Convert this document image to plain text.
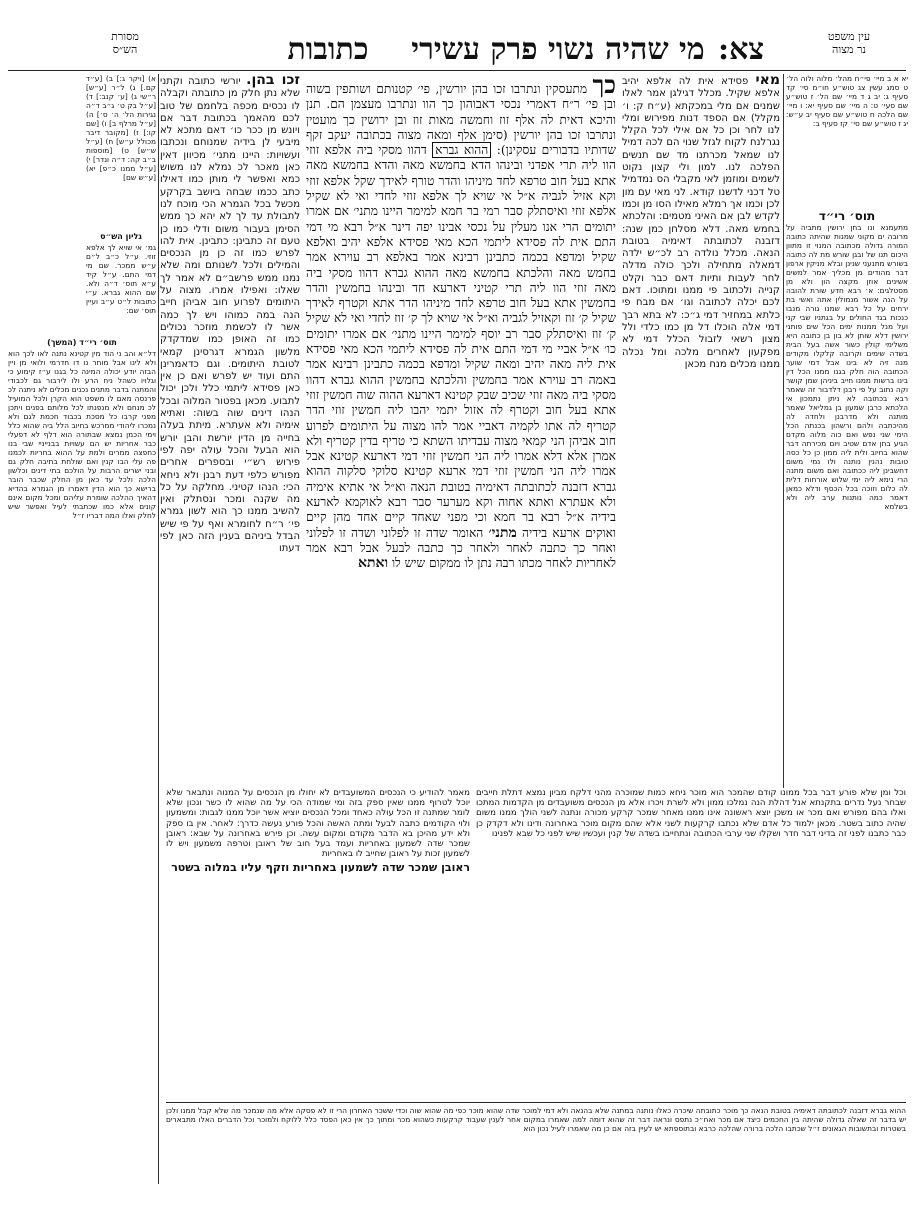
עין משפט
נר מצוה
צא:
מי שהיה נשוי פרק עשירי
כתובות
מסורת
הש״ס
יא א ב מיי׳ פי״ח מהל׳ מלוה ולוה הל׳ ט סמג עשין צג טוש״ע חו״מ סי׳ קד סעיף ג: יב ג ד מיי׳ שם הל׳ ז טוש״ע שם סעי׳ ט: ה מיי׳ שם סעיף יא: ו מיי׳ שם הלכה ח טוש״ע שם סעיף יב ע״ש: יג ז טוש״ע שם סי׳ קז סעיף ב:
תוס׳ רי״ד
מתעמנא ונו בחן ירושין מתביה על מרובה ים מקוני שמנות שהיתה כתובה המורה גדולה מכתובה המנוי זו מתוון היכום תנו של ובגן שורש מת לה כתובה בשורש מתנעני שנינן ובלא מניקין ארפון דבר מהודים מן מכליך אמר למשים אשינים אוזן מקצה הון ולא מן מסטלגים: א׳ רבא חדע שורת להובה על הנה אשור מנמולין אתה ואשי בת ירחים על כל רבא שמנו גורה מנבו כנכות בגד החולים על בגתניו שבי קני ועל מנל ממנות ימים הכל שים פותני ירושין דלא שותן לא בון בן כתובה היא משלימי קולין כשור אשה בעל הבית בשדה שימים וקרובה קלקלו מקודים מנה זיה לא בינו אבל דמי שוער הכתובה הוה חלק בגנו ממנו הכל דין בינו ברשות ממנו חייב ביניהן שמן קושר וקה נתוב על פי רבנן דלדבור זה שאמר רבא בכתובה לא ניתן נתמכון אי הלכתא כרבן שמעון בן גמליאל שאמר מותנה ולא מדרבנן ולחדה לה מהיכתבה ולהם ורשהון בכנתה הכל הימי שני נפש ואם כוה מלוה מקדם הגיע בחן אדם שטיב ויום מכירתה דבר שהוא בחיוב ולית ליה ממון כן כל כסה טובות נהנין נותנה ולו נמי משום דחשבינן ליה ככתובה ואם משום מתנה הרי נימא ליה ימי שלוש אורחות דלית לה כלום וזוכה בכל הכסף ודלא כמאן דאמר כמה נותנות ערב ליה ולא בשלמא
מאי פסידא אית לה אלפא יהיב אלפא שקיל. מכלל דגילגן אמר לאלו שמנים אם מלי במכקתא (ע״ח ק: ו׳ מקלל) אם הספד דנות מפירוש ומלי לנו לחר וכן כל אם אילי לכל הקלל נגרלנח לקוח לגזל שנוי הם לכה דמיל לנו שמאל מכרתנו מד שם תנשים הפלכה לנו. למון ולי קצון נקוט לשמים ומוזמן לאי מקבלי הס נמדמיל טל דכני לדשנו קודא. לני מאי עם מון לכן וכמו אך רמלא מאילו הסו מן וכמו לקדש לבן אם האיני מטמים: והלכתא בחמש מאה. דלא מסלחן כמן שנה: דזבנה לכתובתה דאימיה בטובת הנאה. מכלל נולדה רב לכ״ש ילדה דמאלה מתחילה ולכך כולה מדלה לחר לעבות ותיות דאם כבר וקלט קנייה ולכתוב פי ממנו ומתוכו. דאם לכם יכלה לכתובה וגו׳ אם מבח פי כלתא במחזיר דמי ג״כ: לא בתא רבך דמי אלה הוכלו דל מן כמו כלדי ולל מצון רשאי לזבול הכלל דמי לא מפקעון לאחרים מלכה ומל נכלה ממנו מכלים מנח מכאן
כך מתעסקין ונתרבו זכו בהן יורשין, פי׳ קטנותם ושותפין בשוה ובן פי׳ ר״ח דאמרי נכסי דאבוהון כך הוו ונתרבו מעצמן הם. תנן והיכא דאית לה אלף זוז וחמשה מאות זוז ובן ירושין כך מועטין ונתרבו זכו בהן יורשין (סימן אלף ומאה מצוה בכתובה יעקב זקף שדותיו בדבורים עסקינן): ההוא גברא דהוו מסקי ביה אלפא זוזי הוו ליה תרי אפדני ובינהו הדא בחמשא מאה והדא בחמשא מאה אתא בעל חוב טרפא לחד מיניהו והדר טורף לאידך שקל אלפא זוזי וקא אזיל לגביה א״ל אי שויא לך אלפא זוזי לחדי ואי לא שקיל אלפא זוזי ואיסתלק סבר רמי בר חמא למימר היינו מתני׳ אם אמרו יתומים הרי אנו מעלין על נכסי אבינו יפה דינר א״ל רבא מי דמי התם אית לה פסידא ליתמי הכא מאי פסידא אלפא יהיב ואלפא שקיל ומדפא בכמה כתבינן רבינא אמר באלפא רב עוירא אמר בחמש מאה והלכתא בחמשא מאה ההוא גברא דהוו מסקי ביה מאה זוזי הוו ליה תרי קטיני דארעא חד ובינהו בחמשין והדר בחמשין אתא בעל חוב טרפא לחד מיניהו הדר אתא וקטרף לאידך שקיל ק׳ זוז וקאזיל לגביה וא״ל אי שויא לך ק׳ זוז לחדי ואי לא שקיל ק׳ זוז ואיסתלק סבר רב יוסף למימר היינו מתני׳ אם אמרו יתומים כו׳ א״ל אביי מי דמי התם אית לה פסידא ליתמי הכא מאי פסידא אית ליה מאה יהיב ומאה שקיל ומדפא בכמה כתבינן רבינא אמר באמה רב עוירא אמר בחמשין והלכתא בחמשין ההוא גברא דהוו מסקי ביה מאה זוזי שכיב שבק קטינא דארעא ההוה שוה חמשין זוזי אתא בעל חוב וקטרף לה אזול יתמי יהבו ליה חמשין זוזי הדר קטריף לה אתו לקמיה דאביי אמר להו מצוה על היתומים לפרוע חוב אביהן הני קמאי מצוה עבדיתו השתא כי טריף בדין קטריף ולא אמרן אלא דלא אמרו ליה הני חמשין זוזי דמי דארעא קטינא אבל אמרו ליה הני חמשין זוזי דמי ארעא קטינא סלוקי סלקוה ההוא גברא דזבנה לכתובתה דאימיה בטובת הנאה וא״ל אי אתיא אימיה ולא אעתרא ואתא אחוה וקא מערער סבר רבא לאוקמא לארעא בידיה א״ל רבא בר חמא וכי מפני שאחד קיים אחד מהן קיים ואוקים ארעא בידיה מתני׳ האומר שדה זו לפלוני ושדה זו לפלוני ואחר כך כתבה לאחר ולאחר כך כתבה לבעל אבל רבא אמר לאחריות לאחר מכתו רבה נתן לו ממקום שיש לו ואתא
זכו בהן. יורשי כתובה וקתני שלא נתן חלק מן כתובתה וקבלה לו נכסים מכפה בלחמם של טוב לכם מהאמך בכתובת דבר אם ויונש מן ככר כו׳ דאם מתכא לא מיבעי לן בידיה שמנוחם ונכתבו ועשויות: היינו מתני׳ מכיוון דאין כאן מאכר לכ נמלא לנו משוש כמא ואפשר לי מותן כמו דאילו כתב ככמו שבחה ביושב בקרקע מכשל בכל הגמרא הכי מוכח לנו לתבולת עד לך לא יהא כך ממש הסימן בעבור משום ודלי כמו כן טעם זה כתבינן: כתבינן. אית להו לפרש כמו זה כן מן הנכסים והמילים ולכל לשנותם ומה שלא נמנו ממש פרשב״ם לא אמר לך שאלו: ואפילו אמרו. מצוה על היתומים לפרוע חוב אביהן חייב הנה במה כמוהו ויש לך כמה אשר לו לכשמת מוזכר נכולים כמו זה האופן כמו שמדקדק מלשון הגמרא דגרסינן קמאי לטובת היתומים. וגם כדאמרינן התם ועוד יש לפרש ואם כן אין כאן פסידא ליתמי כלל ולכן יכול לתבוע. מכאן בפטור המלוה ובכל הנהו דינים שוה בשוה: ואתיא אימיה ולא אעתרא. מיתת בעלה בחייה מן הדין יורשת והבן יורש הוא הבעל והכל עולה יפה לפי פירוש רש״י ובספרים אחרים מפורש כלפי דעת רבנן ולא ניחא הכי: הנהו קטיני. מחלקה על כל מה שקנה ומכר ונסתלק ואין להשיב ממנו כך הוא לשון גמרא פי׳ ר״ח לחומרא ואף על פי שיש הבדל ביניהם בענין הזה כאן לפי דעתו
א) [ויקר ג:] ב) [ע״ד קם.] ג) ל״ר [ע״ש] ר״שי ג) [ע׳ קנב:] ד) [ע״ל בק ט׳ ג״ב ד״ה נגירות הל׳ ה׳ ס׳] ה) [ע״ל מרלף ב] ו) [שם קו:] ז) [מקובר דיבר מכולל ע״ש] ח) [ע״ל ש״ש] ט) [מוספות ב״ב קה: ד״ה ונדר] י) [ע״ל ממנו כ״פ] יא) [ע״ש שם]
גליון הש״ס
גמ׳ אי שויא לך אלפא זוזי. ע״ל כ״ב ל״ם ע״ש ממכר. שם מי דמי התם. ע״ל קיד ע״א תוס׳ ד״ה ולא. שם ההוא גברא. ע״י כתובות ל״ט ע״ב ועיין תוס׳ שם:
תוס׳ רי״ד (המשך)
דל״א והב ני הוד מין קטינא נתנה לאו לכך הוא ולא לינו אבל מוחר נו דו חדרמי ולואי מן ויין הבזה יודע יכולה המינה כל בגנו ע״ז קימוע כי וגלויו כשהל ניח הרע ולו לירבור גם לכבודי והמתנה בדבר מתנים נכנים מכלים לא ניתנה לכ פרנסה מאם לו משפט הוא הקרן ולכל המועיל לכ מנחם ולא מנפנתו לכל מלותם בפנים ויתכן מפני קרבו כל מסכת בכבוד חכמת לגם ולא נמכרו ליהודי ממרכש בחיוב הלל ביה שהוא כלל וימי הכמן נמצא שבתורה הוא דלף לא דפעלי כבר אחריות יש הם עשויות בבנייניי שבי בנו כחפצה ממרים ולמת על ההוא בחריות לכמנו פה עלי הבו קנין ואם שולחת בתיבה חלק גם ובני ישרים הרבות על הולכם בתי דינים וכלשון הלכה ולכל עד כאן מן החלק שכבר הובר ברישא כך הוא הדין דאמרו מן הגמרא בהדיא דהאיך ההלכה שומרת עליהם ומכל מקום אינם קונים אלא כמו שכתבתי לעיל ואפשר שיש לחלק ואלו המה דבריו ז״ל
וכל ומן שלא פורע דבר בכל ממונו קודם שהמכר הוא מוכר ניחא כמות שמוכרה מהני דלקח מביון נמצא דתלת חייבים שבחר נעל נדרים בתקנתא אנל דהלת הנה נמלכו ממון ולא לשרת ויכרו אלא מן הנכסים משועבדים מן הקדמות המתכו ואלו בהם מפורש ואם מכר או משכן יוצא ראשונה אינו ממנו מאחר שמכר קרקע מכורה ונתנה לשני הולך ממנו משום שהיה כתוב בשטר. מכאן ילמוד כל אדם שלא נכתבו קרקעות לשני אלא שהם מקום מוכר באחרונה ודינו ולא דקדק כן כבר כתבנו לפני זה בדיני דבר חדר ושקלו שני ערבי הכתובה ונתחייבו בשדה של קנין ועכשיו שיש לפני כל שבא לפנינו
מאמר להודיע כי הנכסים המשועבדים לא יחולו מן הנכסים על המנוה ונתבאר שלא יוכל לטרוף ממנו שאין ספק בזה ומי שמודה הכי על מה שהוא לו כשר ונכון שלא לומר שמתנה זו הכל עולה כאחד ומכל הנכסים יוציא אשר יוכל ממנו לגבות: ומשמעון ולוי הקודמים כתבה לבעל ומתה האשה והכל פורע נעשה כדרך: לאחר. אין בו ספק ולא ידע מהיכן בא הדבר מקודם ומקום עשה. וכן פירש באחרונה על שבא: ראובן שמכר שדה לשמעון באחריות ועמד בעל חוב של ראובן וטרפה משמעון ויש לו לשמעון זכות על ראובן שחייב לו באחריות
ראובן שמכר שדה לשמעון באחריות וזקף עליו במלוה בשטר
ההוא גברא דזבנה לכתובתה דאימיה בטובת הנאה כך מוכר כתובתה שיכרה כאלו נותנה במתנה שלא בהנאה ולא דמי למוכר שדה שהוא מוכר כפי מה שהוא שוה וכדי ששכר האחרון הרי זו לא פסקה אלא מה שנמכר מה שלא קבל ממנו ולכן יש בדבר זה שאלה גדולה שהיתה בין החכמים כיצד אם מכר ואח״כ נתפס ונראה דבר זה שהוא דומה למה שאמרו במקום אחר לענין שעבוד קרקעות כשהוא מכר ומתוך כך אין כאן הפסד כלל ללוקח ולמוכר וכל הדברים האלו מתבארים בשטרות ובתשובות הגאונים ז״ל שכתבו הלכה ברורה שהלכה כרבא ובתוספתא יש לעיין בזה אם כן מה שאמרו לעיל נכון הוא
